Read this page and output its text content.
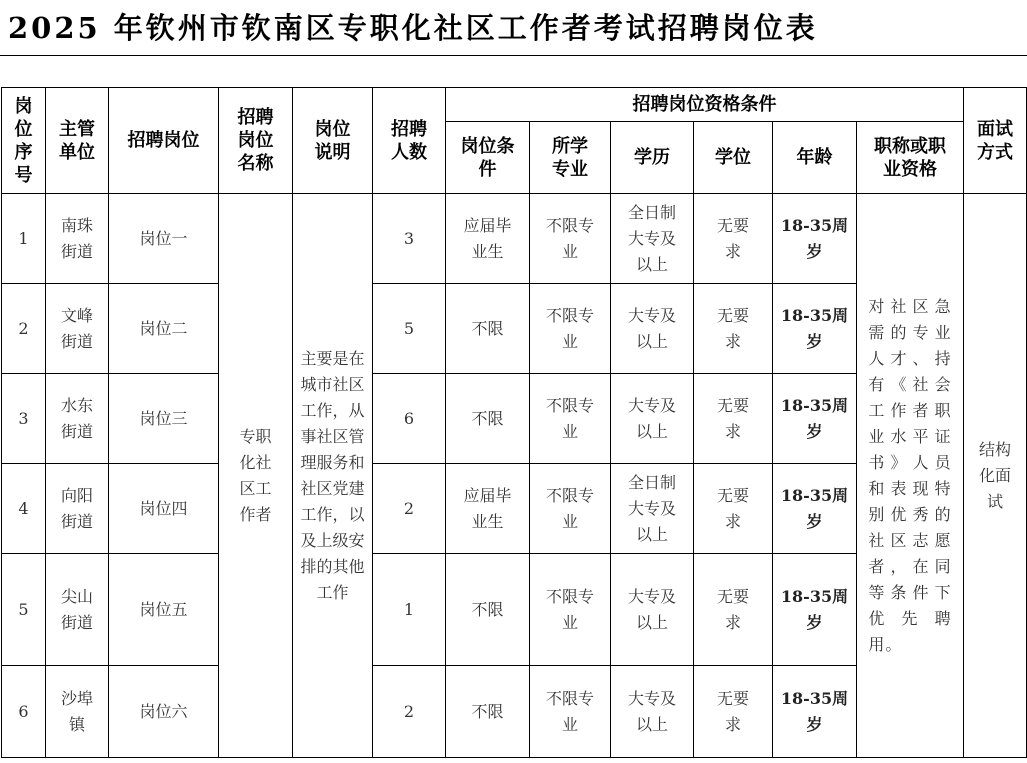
2025 年钦州市钦南区专职化社区工作者考试招聘岗位表
岗位序号	主管单位	招聘岗位	招聘岗位名称	岗位说明	招聘人数	招聘岗位资格条件						面试方式
						岗位条件	所学专业	学历	学位	年龄	职称或职业资格	
1	南珠街道	岗位一	专职化社区工作者	主要是在城市社区工作，从事社区管理服务和社区党建工作，以及上级安排的其他工作	3	应届毕业生	不限专业	全日制大专及以上	无要求	18-35周岁	对社区急需的专业人才、持有《社会工作者职业水平证书》人员和表现特别优秀的社区志愿者，在同等条件下优先聘用。	结构化面试
2	文峰街道	岗位二			5	不限	不限专业	大专及以上	无要求	18-35周岁		
3	水东街道	岗位三			6	不限	不限专业	大专及以上	无要求	18-35周岁		
4	向阳街道	岗位四			2	应届毕业生	不限专业	全日制大专及以上	无要求	18-35周岁		
5	尖山街道	岗位五			1	不限	不限专业	大专及以上	无要求	18-35周岁		
6	沙埠镇	岗位六			2	不限	不限专业	大专及以上	无要求	18-35周岁		
